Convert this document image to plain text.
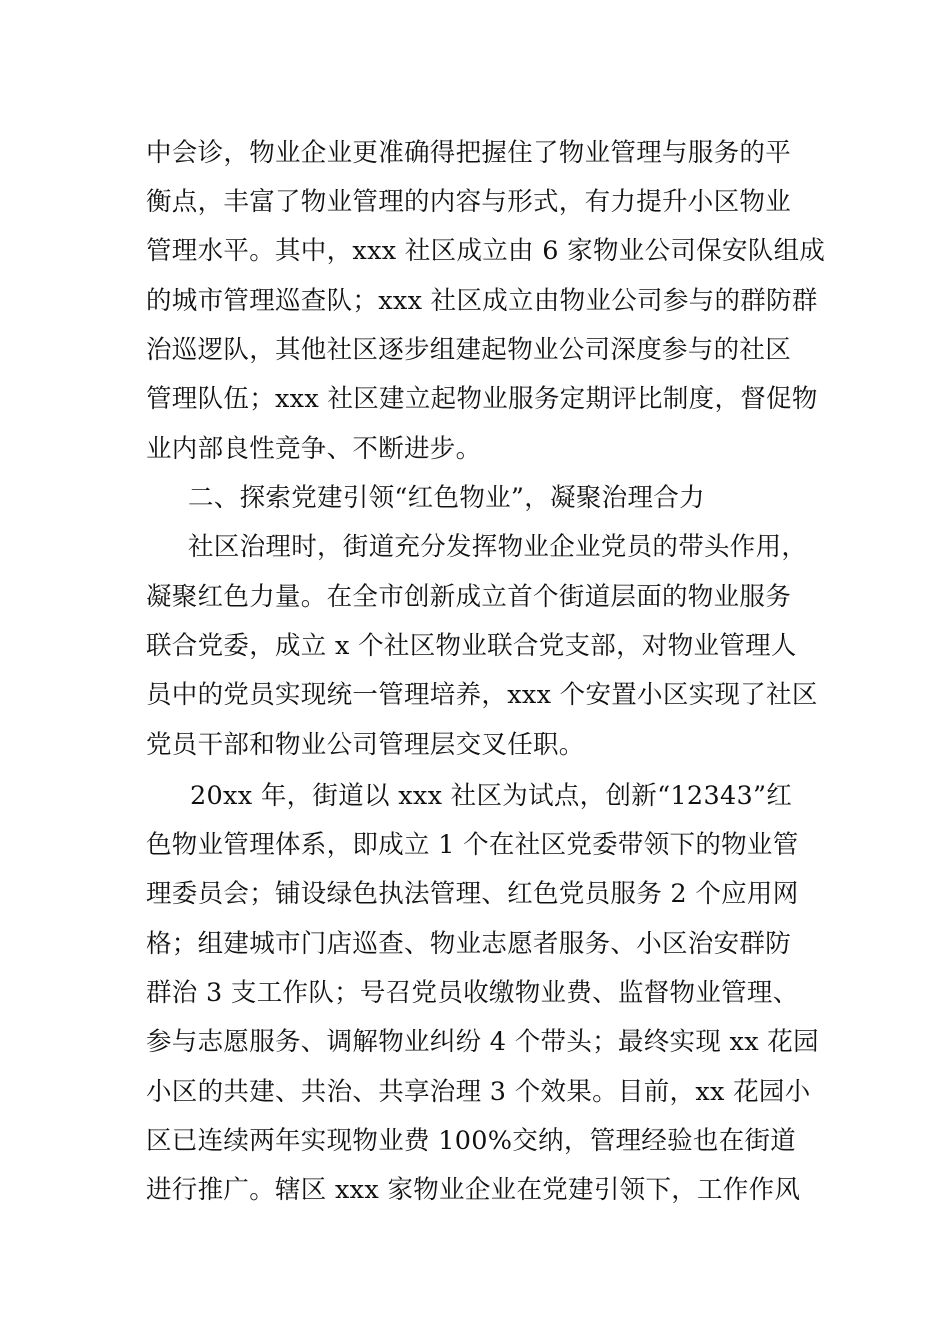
中会诊，物业企业更准确得把握住了物业管理与服务的平
衡点，丰富了物业管理的内容与形式，有力提升小区物业
管理水平。其中，xxx 社区成立由 6 家物业公司保安队组成
的城市管理巡查队；xxx 社区成立由物业公司参与的群防群
治巡逻队，其他社区逐步组建起物业公司深度参与的社区
管理队伍；xxx 社区建立起物业服务定期评比制度，督促物
业内部良性竞争、不断进步。
二、探索党建引领“红色物业”，凝聚治理合力
社区治理时，街道充分发挥物业企业党员的带头作用，
凝聚红色力量。在全市创新成立首个街道层面的物业服务
联合党委，成立 x 个社区物业联合党支部，对物业管理人
员中的党员实现统一管理培养，xxx 个安置小区实现了社区
党员干部和物业公司管理层交叉任职。
20xx 年，街道以 xxx 社区为试点，创新“12343”红
色物业管理体系，即成立 1 个在社区党委带领下的物业管
理委员会；铺设绿色执法管理、红色党员服务 2 个应用网
格；组建城市门店巡查、物业志愿者服务、小区治安群防
群治 3 支工作队；号召党员收缴物业费、监督物业管理、
参与志愿服务、调解物业纠纷 4 个带头；最终实现 xx 花园
小区的共建、共治、共享治理 3 个效果。目前，xx 花园小
区已连续两年实现物业费 100%交纳，管理经验也在街道
进行推广。辖区 xxx 家物业企业在党建引领下，工作作风
